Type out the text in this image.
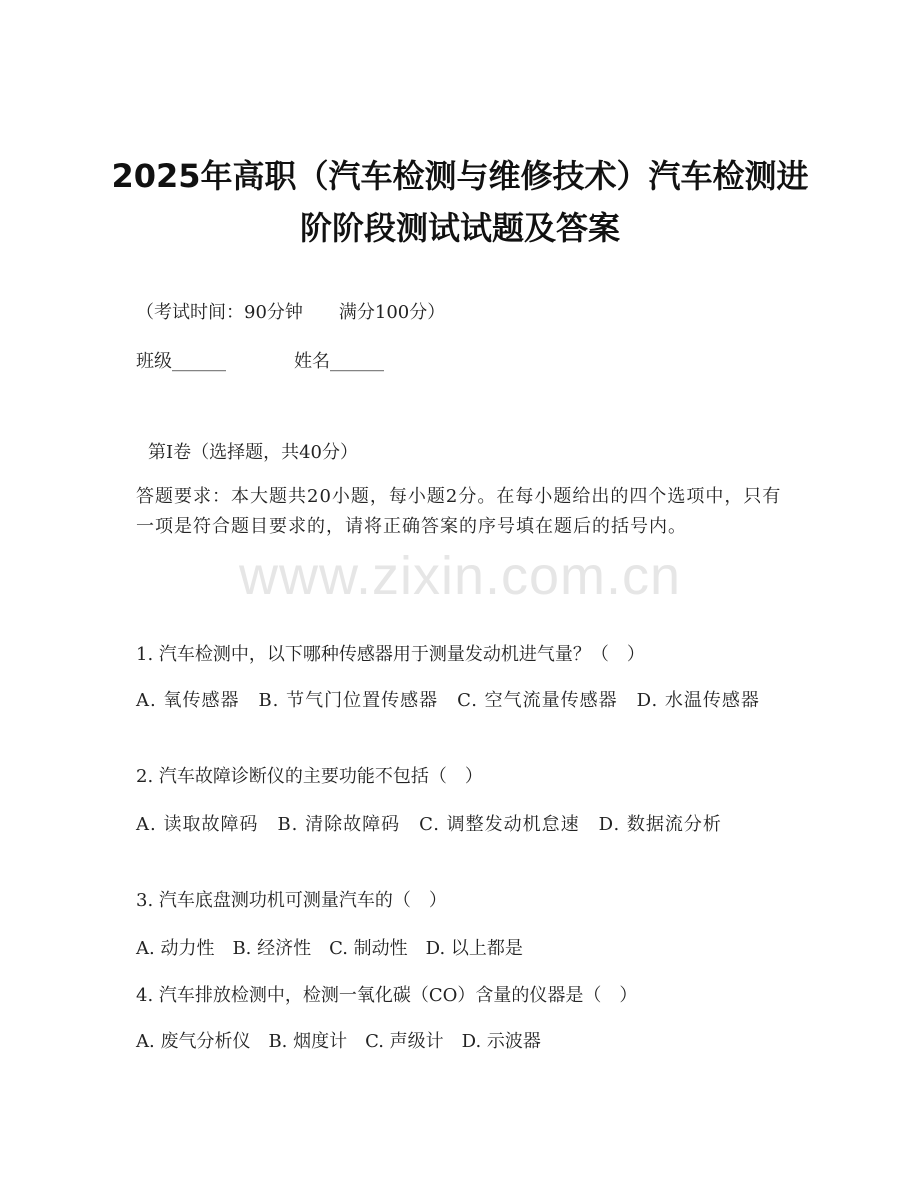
www.zixin.com.cn
2025年高职（汽车检测与维修技术）汽车检测进阶阶段测试试题及答案
（考试时间：90分钟　　满分100分）
班级______	姓名______
第Ⅰ卷（选择题，共40分）
答题要求：本大题共20小题，每小题2分。在每小题给出的四个选项中，只有一项是符合题目要求的，请将正确答案的序号填在题后的括号内。
1. 汽车检测中，以下哪种传感器用于测量发动机进气量？（　）
A. 氧传感器　B. 节气门位置传感器　C. 空气流量传感器　D. 水温传感器
2. 汽车故障诊断仪的主要功能不包括（　）
A. 读取故障码　B. 清除故障码　C. 调整发动机怠速　D. 数据流分析
3. 汽车底盘测功机可测量汽车的（　）
A. 动力性　B. 经济性　C. 制动性　D. 以上都是
4. 汽车排放检测中，检测一氧化碳（CO）含量的仪器是（　）
A. 废气分析仪　B. 烟度计　C. 声级计　D. 示波器
